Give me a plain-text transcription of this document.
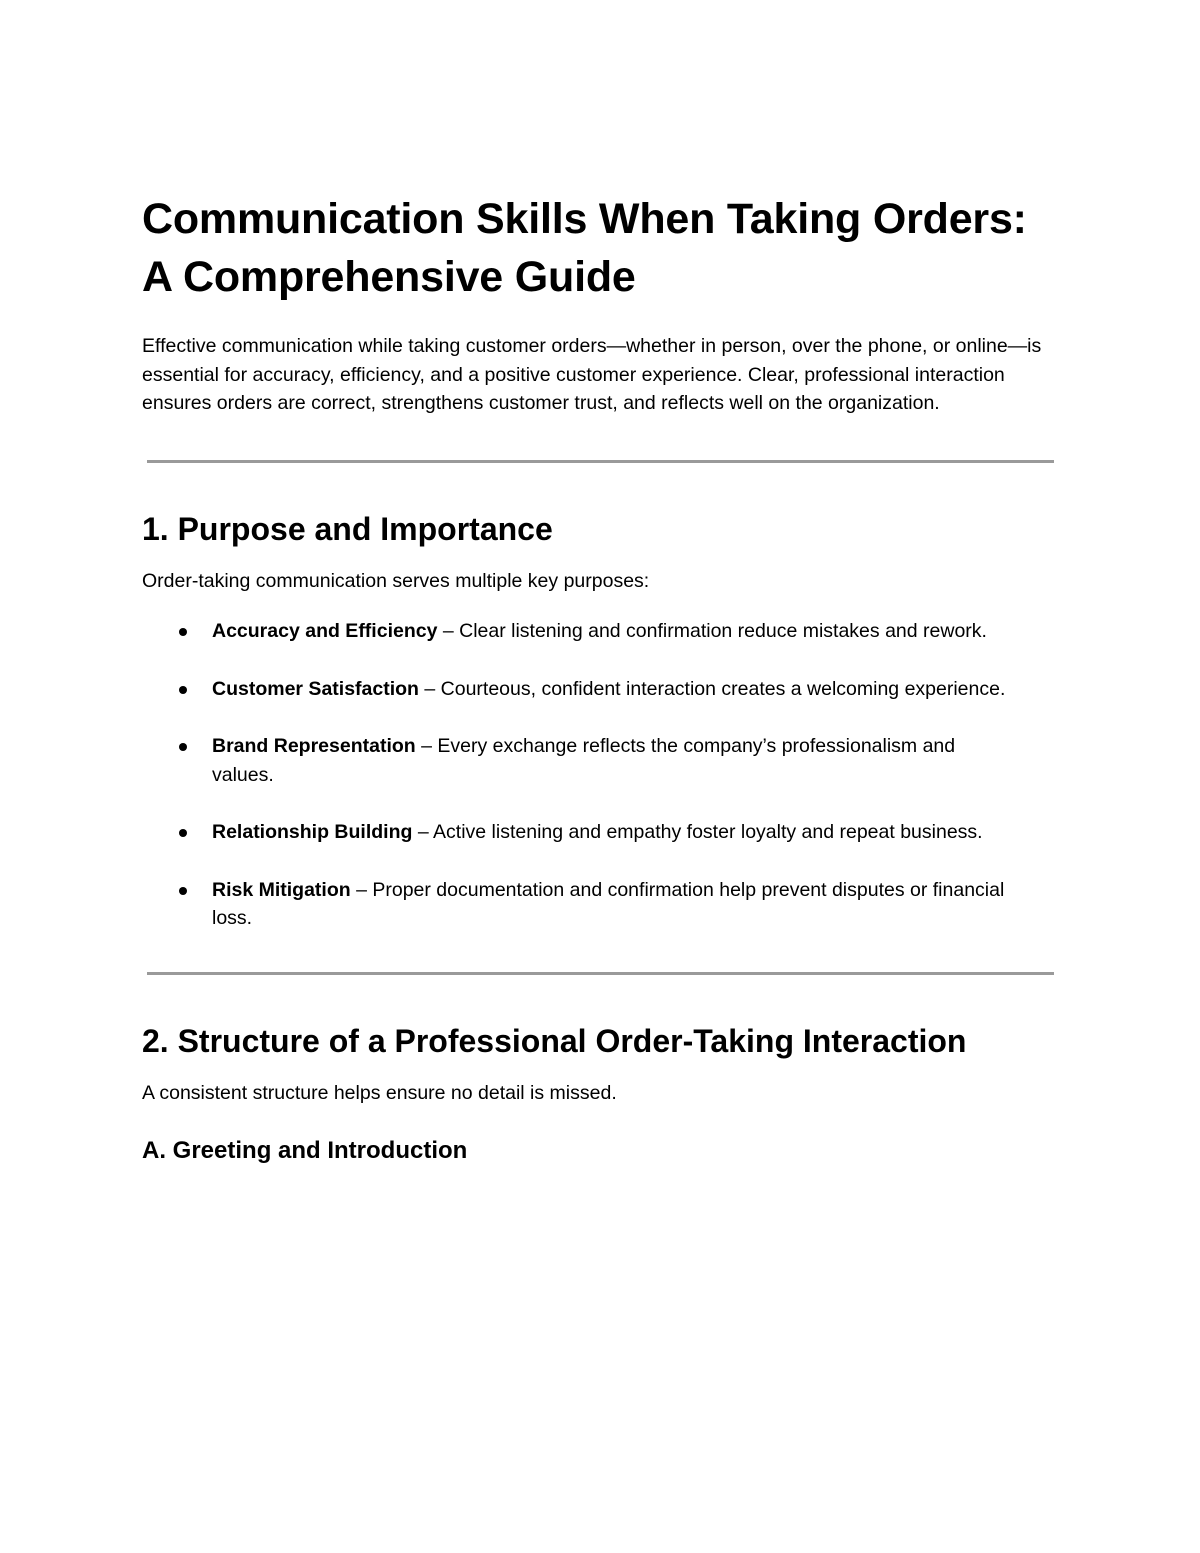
Communication Skills When Taking Orders: A Comprehensive Guide

Effective communication while taking customer orders—whether in person, over the phone, or online—is essential for accuracy, efficiency, and a positive customer experience. Clear, professional interaction ensures orders are correct, strengthens customer trust, and reflects well on the organization.

1. Purpose and Importance

Order-taking communication serves multiple key purposes:

Accuracy and Efficiency – Clear listening and confirmation reduce mistakes and rework.
Customer Satisfaction – Courteous, confident interaction creates a welcoming experience.
Brand Representation – Every exchange reflects the company’s professionalism and values.
Relationship Building – Active listening and empathy foster loyalty and repeat business.
Risk Mitigation – Proper documentation and confirmation help prevent disputes or financial loss.
2. Structure of a Professional Order-Taking Interaction

A consistent structure helps ensure no detail is missed.

A. Greeting and Introduction
